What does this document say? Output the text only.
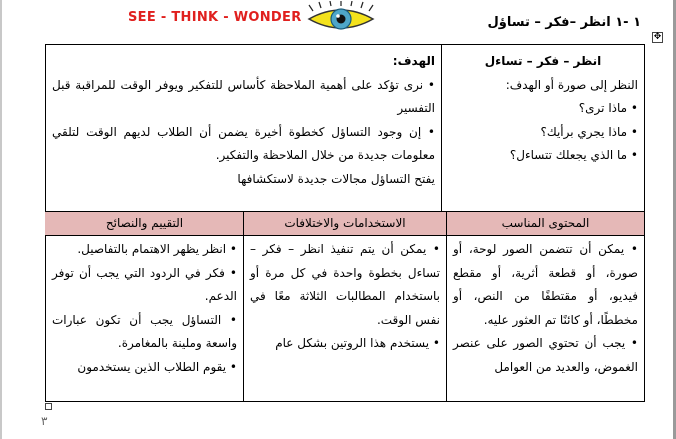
SEE - THINK - WONDER	١ -١ انظر –فكر – تساؤل
✥
انظر – فكر – تساءل
النظر إلى صورة أو الهدف:
• ماذا ترى؟
• ماذا يجري برأيك؟
• ما الذي يجعلك تتساءل؟
الهدف:
• نرى تؤكد على أهمية الملاحظة كأساس للتفكير ويوفر الوقت للمراقبة قبل التفسير
• إن وجود التساؤل كخطوة أخيرة يضمن أن الطلاب لديهم الوقت لتلقي معلومات جديدة من خلال الملاحظة والتفكير.
يفتح التساؤل مجالات جديدة لاستكشافها
المحتوى المناسب
الاستخدامات والاختلافات
التقييم والنصائح
• يمكن أن تتضمن الصور لوحة، أو صورة، أو قطعة أثرية، أو مقطع فيديو، أو مقتطفًا من النص، أو مخططًا، أو كائنًا تم العثور عليه.
• يجب أن تحتوي الصور على عنصر الغموض، والعديد من العوامل
• يمكن أن يتم تنفيذ انظر – فكر – تساءل بخطوة واحدة في كل مرة أو باستخدام المطالبات الثلاثة معًا في نفس الوقت.
• يستخدم هذا الروتين بشكل عام
• انظر يظهر الاهتمام بالتفاصيل.
• فكر في الردود التي يجب أن توفر الدعم.
• التساؤل يجب أن تكون عبارات واسعة وملينة بالمغامرة.
• يقوم الطلاب الذين يستخدمون
٣
